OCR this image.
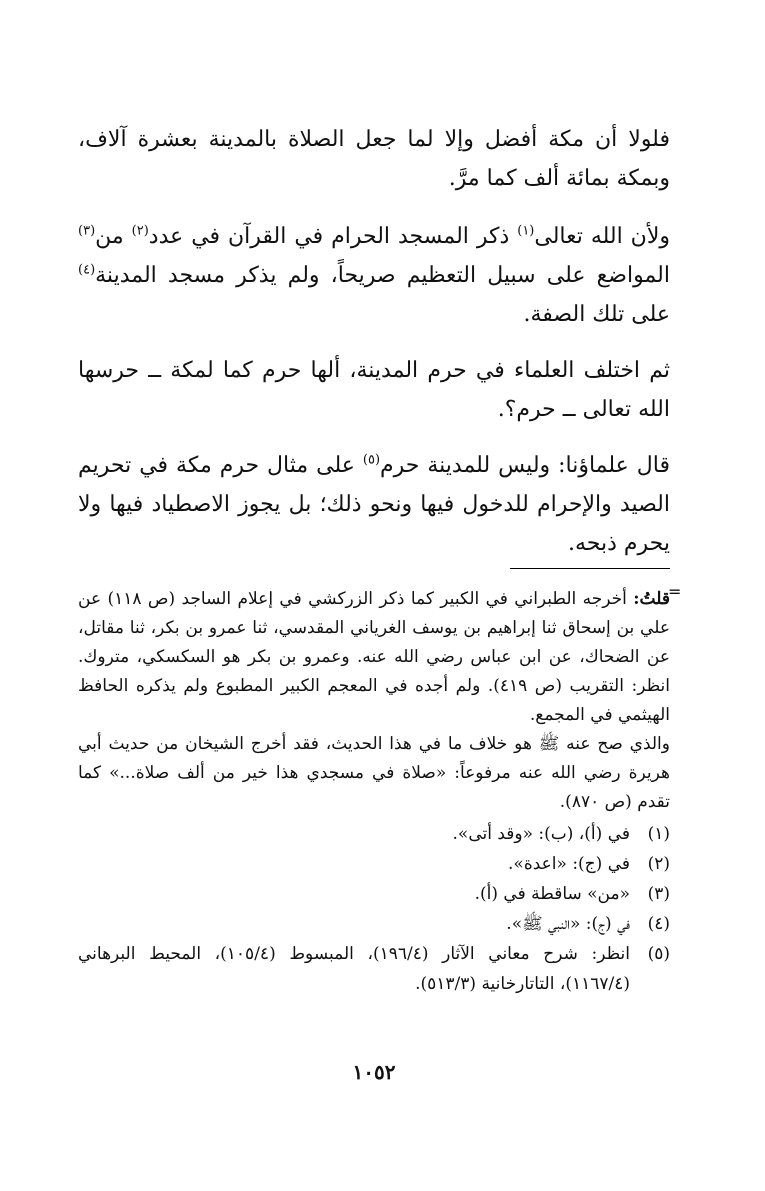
فلولا أن مكة أفضل وإلا لما جعل الصلاة بالمدينة بعشرة آلاف، وبمكة بمائة ألف كما مرَّ.

ولأن الله تعالى$^{(١)}$ ذكر المسجد الحرام في القرآن في عدد$^{(٢)}$ من$^{(٣)}$ المواضع على سبيل التعظيم صريحاً، ولم يذكر مسجد المدينة$^{(٤)}$ على تلك الصفة.

ثم اختلف العلماء في حرم المدينة، ألها حرم كما لمكة ــ حرسها الله تعالى ــ حرم؟.

قال علماؤنا: وليس للمدينة حرم$^{(٥)}$ على مثال حرم مكة في تحريم الصيد والإحرام للدخول فيها ونحو ذلك؛ بل يجوز الاصطياد فيها ولا يحرم ذبحه.

=

قلتُ: أخرجه الطبراني في الكبير كما ذكر الزركشي في إعلام الساجد (ص ١١٨) عن علي بن إسحاق ثنا إبراهيم بن يوسف الغرياني المقدسي، ثنا عمرو بن بكر، ثنا مقاتل، عن الضحاك، عن ابن عباس رضي الله عنه. وعمرو بن بكر هو السكسكي، متروك. انظر: التقريب (ص ٤١٩). ولم أجده في المعجم الكبير المطبوع ولم يذكره الحافظ الهيثمي في المجمع.

والذي صح عنه ﷺ هو خلاف ما في هذا الحديث، فقد أخرج الشيخان من حديث أبي هريرة رضي الله عنه مرفوعاً: «صلاة في مسجدي هذا خير من ألف صلاة...» كما تقدم (ص ٨٧٠).

(١)
في (أ)، (ب): «وقد أتى».
(٢)
في (ج): «اعدة».
(٣)
«من» ساقطة في (أ).
(٤)
في (ج): «النبي ﷺ».
(٥)
انظر: شرح معاني الآثار (١٩٦/٤)، المبسوط (١٠٥/٤)، المحيط البرهاني (١١٦٧/٤)، التاتارخانية (٥١٣/٣).
١٠٥٢
